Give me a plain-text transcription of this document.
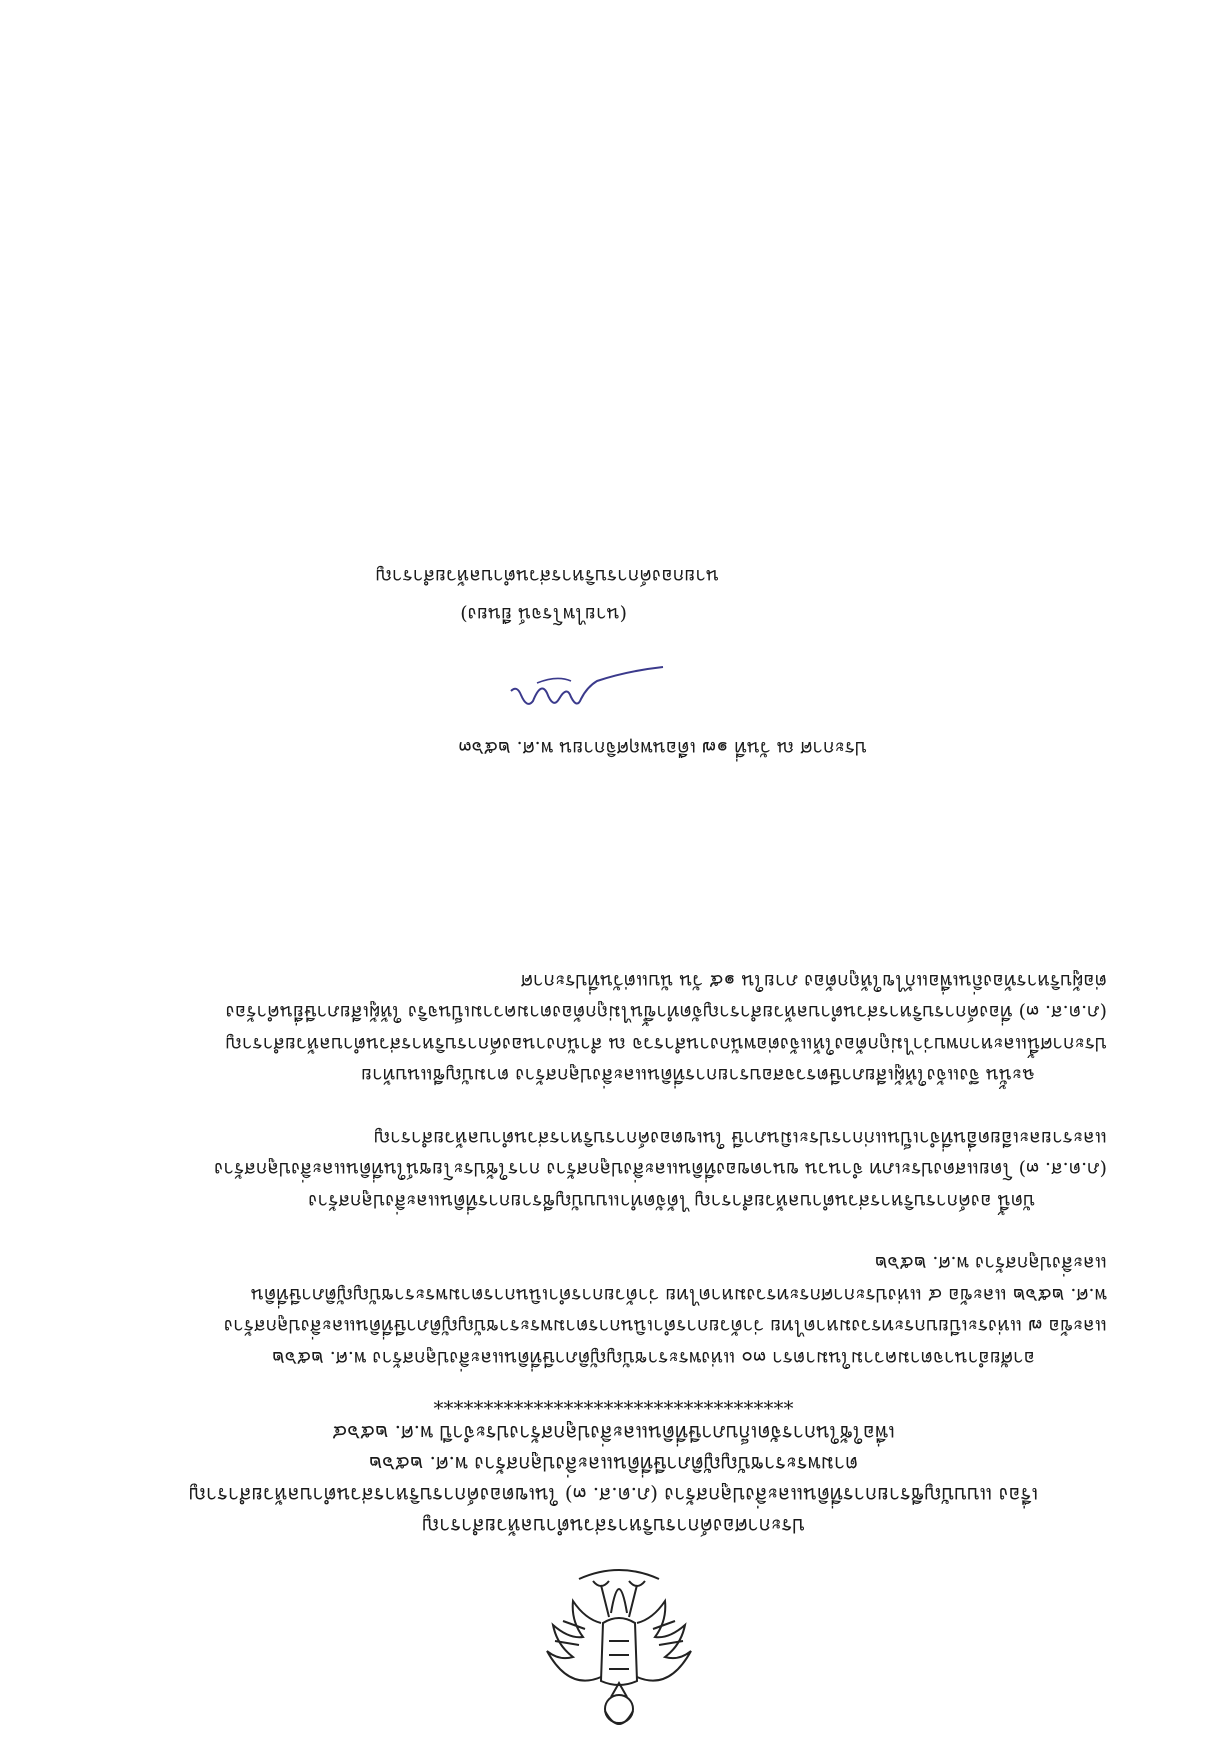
ประกาศองค์การบริหารส่วนตำบลห้วยสำราญ
เรื่อง แบบบัญชีรายการที่ดินและสิ่งปลูกสร้าง (ภ.ด.ส. ๓) ในเขตองค์การบริหารส่วนตำบลห้วยสำราญ
ตามพระราชบัญญัติภาษีที่ดินและสิ่งปลูกสร้าง พ.ศ. ๒๕๖๒
เพื่อใช้ในการจัดเก็บภาษีที่ดินและสิ่งปลูกสร้างประจำปี พ.ศ. ๒๕๖๔
************************************

อาศัยอำนาจตามความในมาตรา ๓๐ แห่งพระราชบัญญัติภาษีที่ดินและสิ่งปลูกสร้าง พ.ศ. ๒๕๖๒
และข้อ ๗ แห่งระเบียบกระทรวงมหาดไทย ว่าด้วยการดำเนินการตามพระราชบัญญัติภาษีที่ดินและสิ่งปลูกสร้าง
พ.ศ. ๒๕๖๒ และข้อ ๔ แห่งประกาศกระทรวงมหาดไทย ว่าด้วยการดำเนินการตามพระราชบัญญัติภาษีที่ดิน
และสิ่งปลูกสร้าง พ.ศ. ๒๕๖๒

บัดนี้ องค์การบริหารส่วนตำบลห้วยสำราญ ได้จัดทำแบบบัญชีรายการที่ดินและสิ่งปลูกสร้าง
(ภ.ด.ส. ๓) โดยแสดงประเภท จำนวน ขนาดของที่ดินและสิ่งปลูกสร้าง การใช้ประโยชน์ในที่ดินและสิ่งปลูกสร้าง
และรายละเอียดอื่นที่จำเป็นแก่การประเมินภาษี ในเขตองค์การบริหารส่วนตำบลห้วยสำราญ

ฉะนั้น จึงแจ้งให้ผู้เสียภาษีตรวจสอบรายการที่ดินและสิ่งปลูกสร้าง ตามบัญชีแนบท้าย
ประกาศนี้และหากพบว่าไม่ถูกต้องให้แจ้งต่อพนักงานสำรวจ ณ สำนักงานองค์การบริหารส่วนตำบลห้วยสำราญ
(ภ.ด.ส. ๓) ที่องค์การบริหารส่วนตำบลห้วยสำราญจัดทำขึ้นไม่ถูกต้องตามความเป็นจริง ให้ผู้เสียภาษียื่นคำร้อง
ต่อผู้บริหารท้องถิ่นเพื่อแก้ไขให้ถูกต้อง ภายใน ๑๕ วัน นับแต่วันที่ประกาศ

ประกาศ ณ วันที่ ๑๗ เดือนพฤศจิกายน พ.ศ. ๒๕๖๓
(นายไพโรจน์ ยืนยง)
นายกองค์การบริหารส่วนตำบลห้วยสำราญ
